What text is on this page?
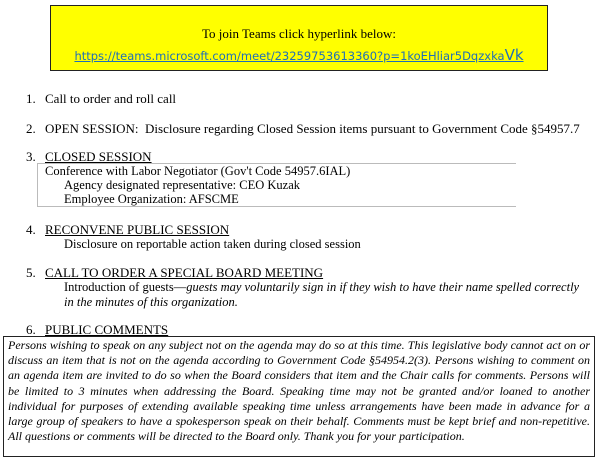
To join Teams click hyperlink below:
https://teams.microsoft.com/meet/23259753613360?p=1koEHliar5DqzxkaVk
1. Call to order and roll call
2. OPEN SESSION: Disclosure regarding Closed Session items pursuant to Government Code §54957.7
3. CLOSED SESSION
Conference with Labor Negotiator (Gov't Code 54957.6IAL)
Agency designated representative: CEO Kuzak
Employee Organization: AFSCME
4. RECONVENE PUBLIC SESSION
Disclosure on reportable action taken during closed session
5. CALL TO ORDER A SPECIAL BOARD MEETING
Introduction of guests—guests may voluntarily sign in if they wish to have their name spelled correctly in the minutes of this organization.
6. PUBLIC COMMENTS
Persons wishing to speak on any subject not on the agenda may do so at this time. This legislative body cannot act on or discuss an item that is not on the agenda according to Government Code §54954.2(3). Persons wishing to comment on an agenda item are invited to do so when the Board considers that item and the Chair calls for comments. Persons will be limited to 3 minutes when addressing the Board. Speaking time may not be granted and/or loaned to another individual for purposes of extending available speaking time unless arrangements have been made in advance for a large group of speakers to have a spokesperson speak on their behalf. Comments must be kept brief and non-repetitive. All questions or comments will be directed to the Board only. Thank you for your participation.
